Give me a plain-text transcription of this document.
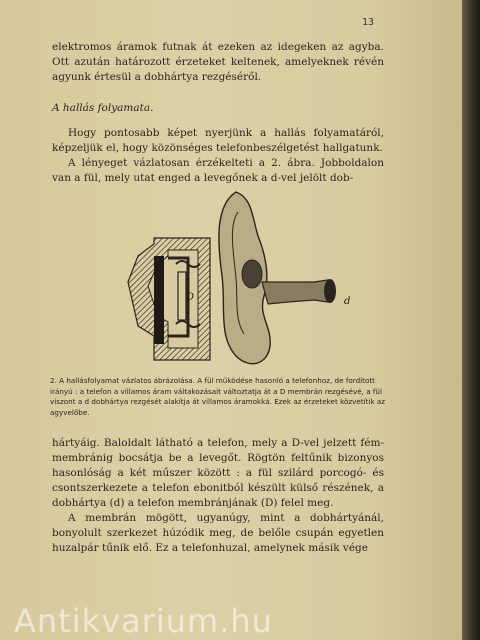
13

elektromos áramok futnak át ezeken az idegeken az agyba. Ott azután határozott érzeteket keltenek, amelyeknek révén agyunk értesül a dobhártya rezgéséről.

A hallás folyamata.

Hogy pontosabb képet nyerjünk a hallás folyamatáról, képzeljük el, hogy közönséges telefonbeszélgetést hallgatunk.

A lényeget vázlatosan érzékelteti a 2. ábra. Jobboldalon van a fül, mely utat enged a levegőnek a d-vel jelölt dob-

D	d
2. A hallásfolyamat vázlatos ábrázolása. A fül működése hasonló a telefonhoz, de fordított irányú : a telefon a villamos áram váltakozásait változtatja át a D membrán rezgésévé, a fül viszont a d dobhártya rezgését alakítja át villamos áramokká. Ezek az érzeteket közvetítik az agyvelőbe.

hártyáig. Baloldalt látható a telefon, mely a D-vel jelzett fém-membránig bocsátja be a levegőt. Rögtön feltűnik bizonyos hasonlóság a két műszer között : a fül szilárd porcogó- és csontszerkezete a telefon ebonitból készült külső részének, a dobhártya (d) a telefon membránjának (D) felel meg.

A membrán mögött, ugyanúgy, mint a dobhártyánál, bonyolult szerkezet húzódik meg, de belőle csupán egyetlen huzalpár tűnik elő. Ez a telefonhuzal, amelynek másik vége

Antikvarium.hu
